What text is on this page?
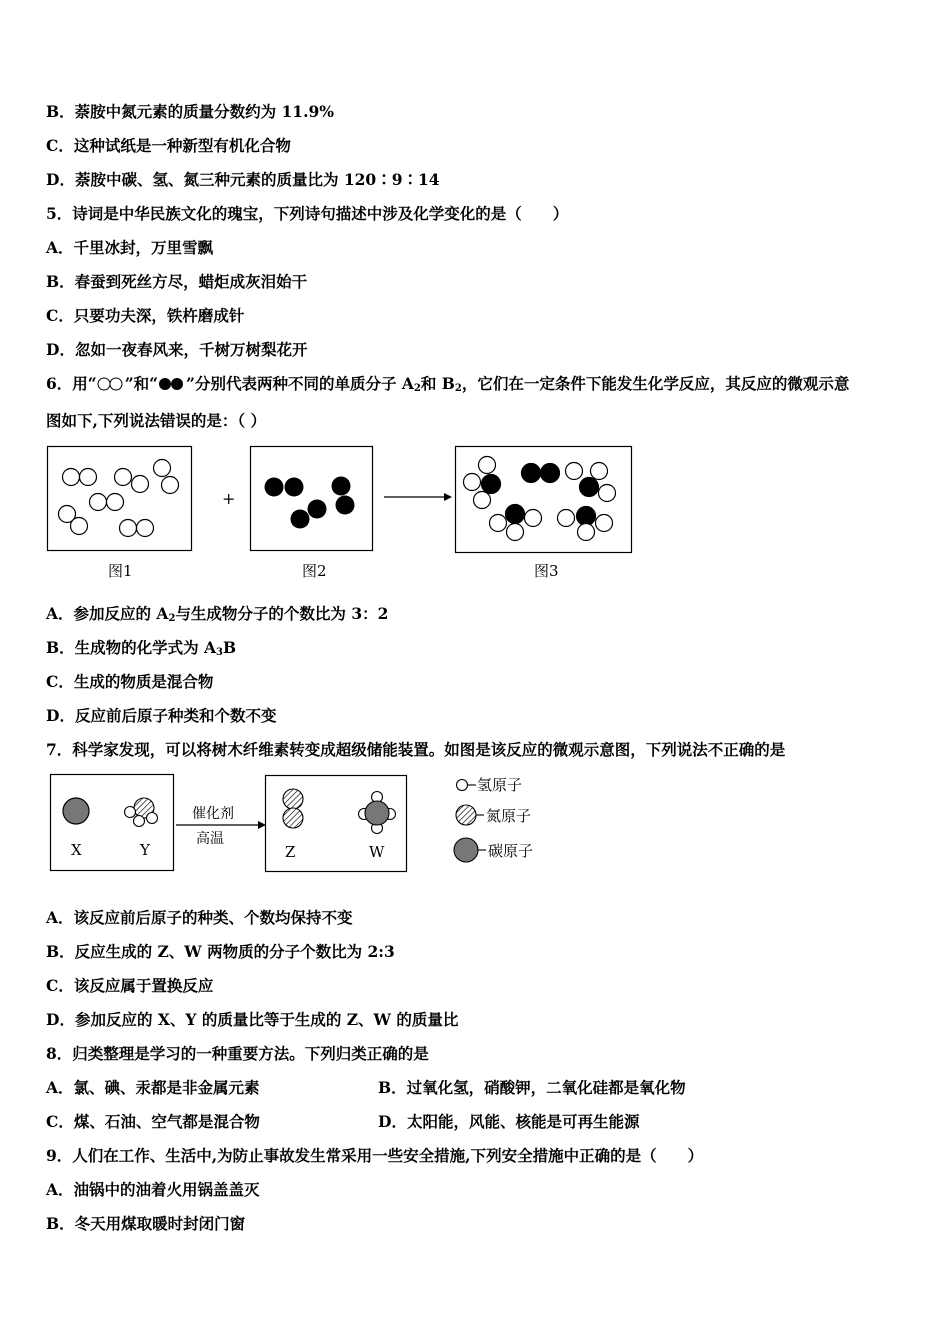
B．萘胺中氮元素的质量分数约为 11.9%
C．这种试纸是一种新型有机化合物
D．萘胺中碳、氢、氮三种元素的质量比为 120∶9∶14
5．诗词是中华民族文化的瑰宝，下列诗句描述中涉及化学变化的是（　　）
A．千里冰封，万里雪飘
B．春蚕到死丝方尽，蜡炬成灰泪始干
C．只要功夫深，铁杵磨成针
D．忽如一夜春风来，千树万树梨花开
6．用“ ”和“ ”分别代表两种不同的单质分子 $A_2$和 $B_2$，它们在一定条件下能发生化学反应，其反应的微观示意
图如下,下列说法错误的是：（ ）
+
图1	图2	图3
A．参加反应的 $A_2$与生成物分子的个数比为 3：2
B．生成物的化学式为 $A_3B$
C．生成的物质是混合物
D．反应前后原子种类和个数不变
7．科学家发现，可以将树木纤维素转变成超级储能装置。如图是该反应的微观示意图，下列说法不正确的是
X	Y
催化剂
高温
Z	W
氢原子
氮原子
碳原子
A．该反应前后原子的种类、个数均保持不变
B．反应生成的 Z、W 两物质的分子个数比为 2:3
C．该反应属于置换反应
D．参加反应的 X、Y 的质量比等于生成的 Z、W 的质量比
8．归类整理是学习的一种重要方法。下列归类正确的是
A．氯、碘、汞都是非金属元素	B．过氧化氢，硝酸钾，二氧化硅都是氧化物
C．煤、石油、空气都是混合物	D．太阳能，风能、核能是可再生能源
9．人们在工作、生活中,为防止事故发生常采用一些安全措施,下列安全措施中正确的是（　　）
A．油锅中的油着火用锅盖盖灭
B．冬天用煤取暖时封闭门窗
